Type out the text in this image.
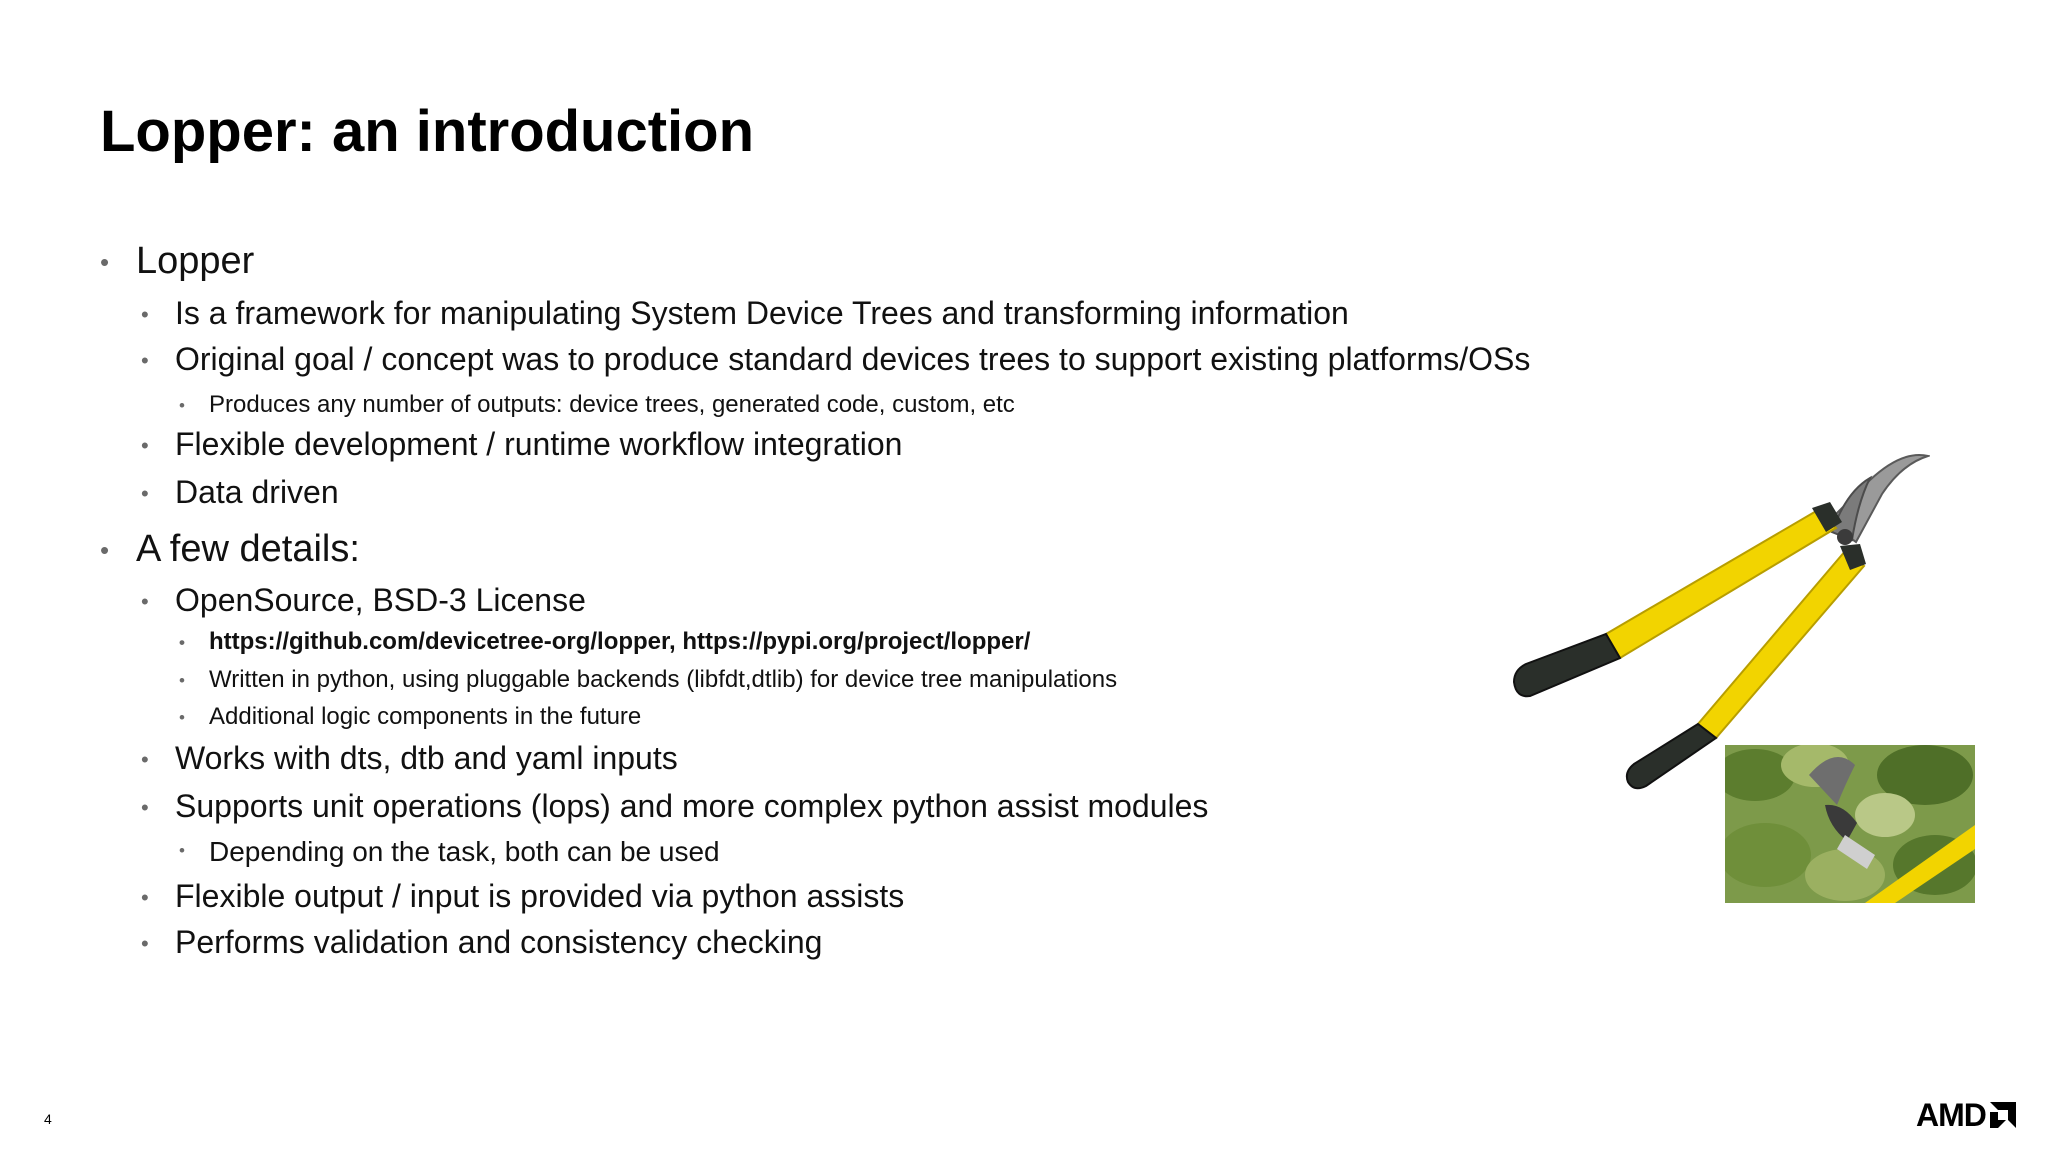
Lopper: an introduction
• Lopper
• Is a framework for manipulating System Device Trees and transforming information
• Original goal / concept was to produce standard devices trees to support existing platforms/OSs
• Produces any number of outputs: device trees, generated code, custom, etc
• Flexible development / runtime workflow integration
• Data driven
• A few details:
• OpenSource, BSD-3 License
• https://github.com/devicetree-org/lopper, https://pypi.org/project/lopper/
• Written in python, using pluggable backends (libfdt,dtlib) for device tree manipulations
• Additional logic components in the future
• Works with dts, dtb and yaml inputs
• Supports unit operations (lops) and more complex python assist modules
• Depending on the task, both can be used
• Flexible output / input is provided via python assists
• Performs validation and consistency checking
4	AMD
